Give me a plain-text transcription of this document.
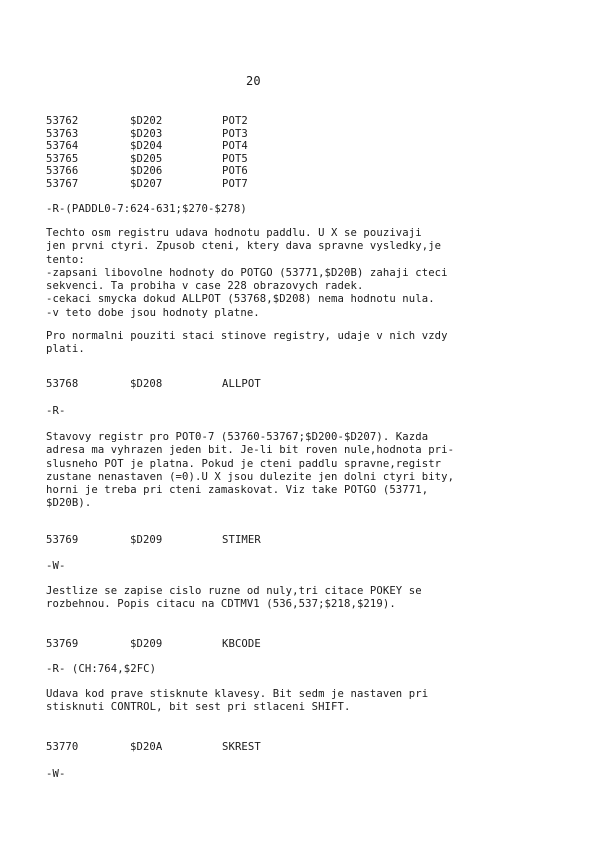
20
53762	$D202	POT2
53763	$D203	POT3
53764	$D204	POT4
53765	$D205	POT5
53766	$D206	POT6
53767	$D207	POT7
-R-(PADDL0-7:624-631;$270-$278)
Techto osm registru udava hodnotu paddlu. U X se pouzivaji
jen prvni ctyri. Zpusob cteni, ktery dava spravne vysledky,je
tento:
-zapsani libovolne hodnoty do POTGO (53771,$D20B) zahaji cteci
sekvenci. Ta probiha v case 228 obrazovych radek.
-cekaci smycka dokud ALLPOT (53768,$D208) nema hodnotu nula.
-v teto dobe jsou hodnoty platne.
Pro normalni pouziti staci stinove registry, udaje v nich vzdy
plati.
53768	$D208	ALLPOT
-R-
Stavovy registr pro POT0-7 (53760-53767;$D200-$D207). Kazda
adresa ma vyhrazen jeden bit. Je-li bit roven nule,hodnota pri-
slusneho POT je platna. Pokud je cteni paddlu spravne,registr
zustane nenastaven (=0).U X jsou dulezite jen dolni ctyri bity,
horni je treba pri cteni zamaskovat. Viz take POTGO (53771,
$D20B).
53769	$D209	STIMER
-W-
Jestlize se zapise cislo ruzne od nuly,tri citace POKEY se
rozbehnou. Popis citacu na CDTMV1 (536,537;$218,$219).
53769	$D209	KBCODE
-R- (CH:764,$2FC)
Udava kod prave stisknute klavesy. Bit sedm je nastaven pri
stisknuti CONTROL, bit sest pri stlaceni SHIFT.
53770	$D20A	SKREST
-W-
